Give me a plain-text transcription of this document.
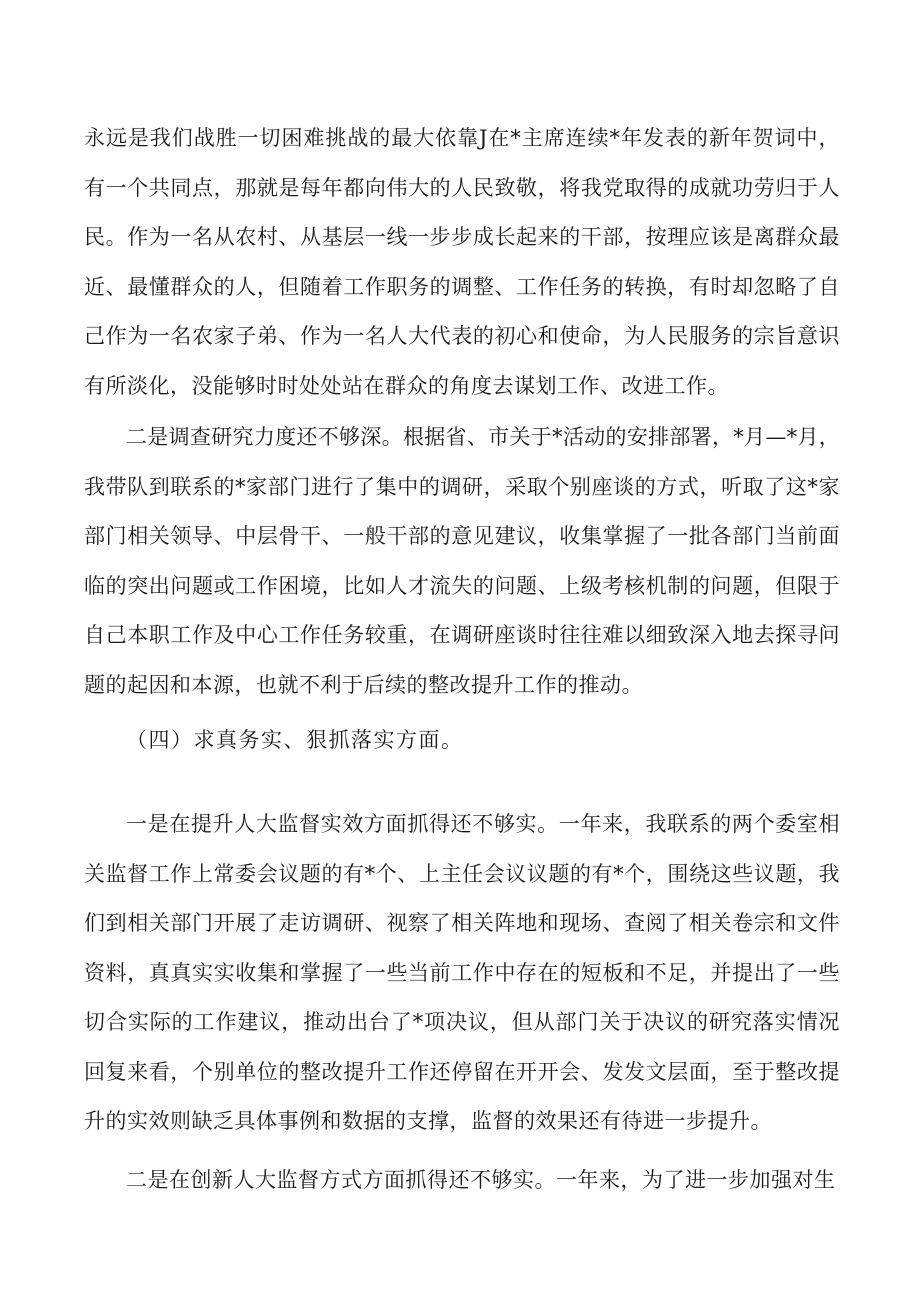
永远是我们战胜一切困难挑战的最大依靠J在*主席连续*年发表的新年贺词中，
有一个共同点，那就是每年都向伟大的人民致敬，将我党取得的成就功劳归于人
民。作为一名从农村、从基层一线一步步成长起来的干部，按理应该是离群众最
近、最懂群众的人，但随着工作职务的调整、工作任务的转换，有时却忽略了自
己作为一名农家子弟、作为一名人大代表的初心和使命，为人民服务的宗旨意识
有所淡化，没能够时时处处站在群众的角度去谋划工作、改进工作。

二是调查研究力度还不够深。根据省、市关于*活动的安排部署，*月—*月，
我带队到联系的*家部门进行了集中的调研，采取个别座谈的方式，听取了这*家
部门相关领导、中层骨干、一般干部的意见建议，收集掌握了一批各部门当前面
临的突出问题或工作困境，比如人才流失的问题、上级考核机制的问题，但限于
自己本职工作及中心工作任务较重，在调研座谈时往往难以细致深入地去探寻问
题的起因和本源，也就不利于后续的整改提升工作的推动。

（四）求真务实、狠抓落实方面。

一是在提升人大监督实效方面抓得还不够实。一年来，我联系的两个委室相
关监督工作上常委会议题的有*个、上主任会议议题的有*个，围绕这些议题，我
们到相关部门开展了走访调研、视察了相关阵地和现场、查阅了相关卷宗和文件
资料，真真实实收集和掌握了一些当前工作中存在的短板和不足，并提出了一些
切合实际的工作建议，推动出台了*项决议，但从部门关于决议的研究落实情况
回复来看，个别单位的整改提升工作还停留在开开会、发发文层面，至于整改提
升的实效则缺乏具体事例和数据的支撑，监督的效果还有待进一步提升。

二是在创新人大监督方式方面抓得还不够实。一年来，为了进一步加强对生
